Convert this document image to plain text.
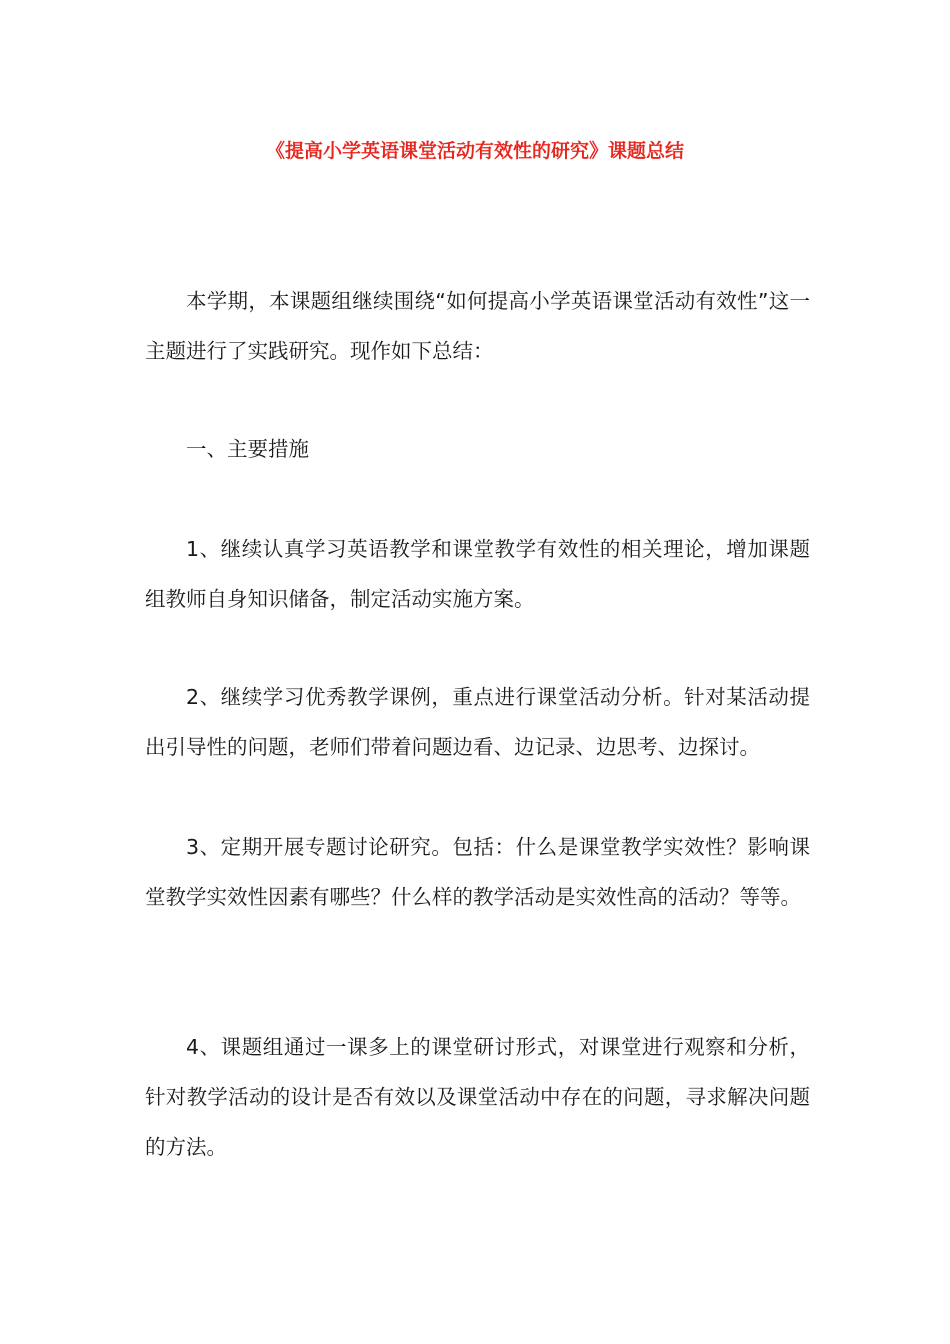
《提高小学英语课堂活动有效性的研究》课题总结

本学期，本课题组继续围绕“如何提高小学英语课堂活动有效性”这一主题进行了实践研究。现作如下总结：

一、主要措施

1、继续认真学习英语教学和课堂教学有效性的相关理论，增加课题组教师自身知识储备，制定活动实施方案。

2、继续学习优秀教学课例，重点进行课堂活动分析。针对某活动提出引导性的问题，老师们带着问题边看、边记录、边思考、边探讨。

3、定期开展专题讨论研究。包括：什么是课堂教学实效性？影响课堂教学实效性因素有哪些？什么样的教学活动是实效性高的活动？等等。

4、课题组通过一课多上的课堂研讨形式，对课堂进行观察和分析，针对教学活动的设计是否有效以及课堂活动中存在的问题，寻求解决问题的方法。
